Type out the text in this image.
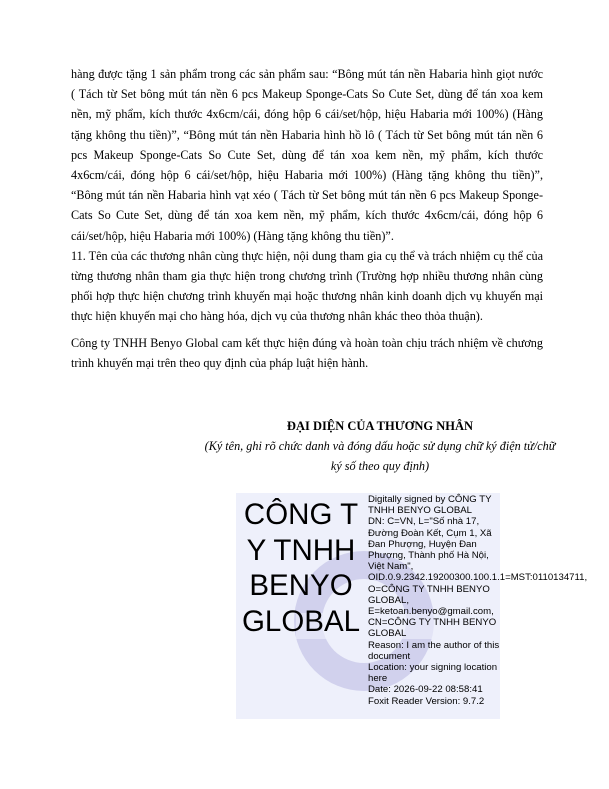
hàng được tặng 1 sản phẩm trong các sản phẩm sau: “Bông mút tán nền Habaria hình giọt nước ( Tách từ Set bông mút tán nền 6 pcs Makeup Sponge-Cats So Cute Set, dùng để tán xoa kem nền, mỹ phẩm, kích thước 4x6cm/cái, đóng hộp 6 cái/set/hộp, hiệu Habaria mới 100%) (Hàng tặng không thu tiền)”, “Bông mút tán nền Habaria hình hồ lô ( Tách từ Set bông mút tán nền 6 pcs Makeup Sponge-Cats So Cute Set, dùng để tán xoa kem nền, mỹ phẩm, kích thước 4x6cm/cái, đóng hộp 6 cái/set/hộp, hiệu Habaria mới 100%) (Hàng tặng không thu tiền)”, “Bông mút tán nền Habaria hình vạt xéo ( Tách từ Set bông mút tán nền 6 pcs Makeup Sponge-Cats So Cute Set, dùng để tán xoa kem nền, mỹ phẩm, kích thước 4x6cm/cái, đóng hộp 6 cái/set/hộp, hiệu Habaria mới 100%) (Hàng tặng không thu tiền)”.

11. Tên của các thương nhân cùng thực hiện, nội dung tham gia cụ thể và trách nhiệm cụ thể của từng thương nhân tham gia thực hiện trong chương trình (Trường hợp nhiều thương nhân cùng phối hợp thực hiện chương trình khuyến mại hoặc thương nhân kinh doanh dịch vụ khuyến mại thực hiện khuyến mại cho hàng hóa, dịch vụ của thương nhân khác theo thỏa thuận).

Công ty TNHH Benyo Global cam kết thực hiện đúng và hoàn toàn chịu trách nhiệm về chương trình khuyến mại trên theo quy định của pháp luật hiện hành.

ĐẠI DIỆN CỦA THƯƠNG NHÂN
(Ký tên, ghi rõ chức danh và đóng dấu hoặc sử dụng chữ ký điện tử/chữ ký số theo quy định)
CÔNG TY TNHH BENYO GLOBAL
Digitally signed by CÔNG TY TNHH BENYO GLOBAL
DN: C=VN, L="Số nhà 17, Đường Đoàn Kết, Cụm 1, Xã Đan Phượng, Huyện Đan Phượng, Thành phố Hà Nội, Việt Nam", OID.0.9.2342.19200300.100.1.1=MST:0110134711, O=CÔNG TY TNHH BENYO GLOBAL, E=ketoan.benyo@gmail.com, CN=CÔNG TY TNHH BENYO GLOBAL
Reason: I am the author of this document
Location: your signing location here
Date: 2026-09-22 08:58:41
Foxit Reader Version: 9.7.2
